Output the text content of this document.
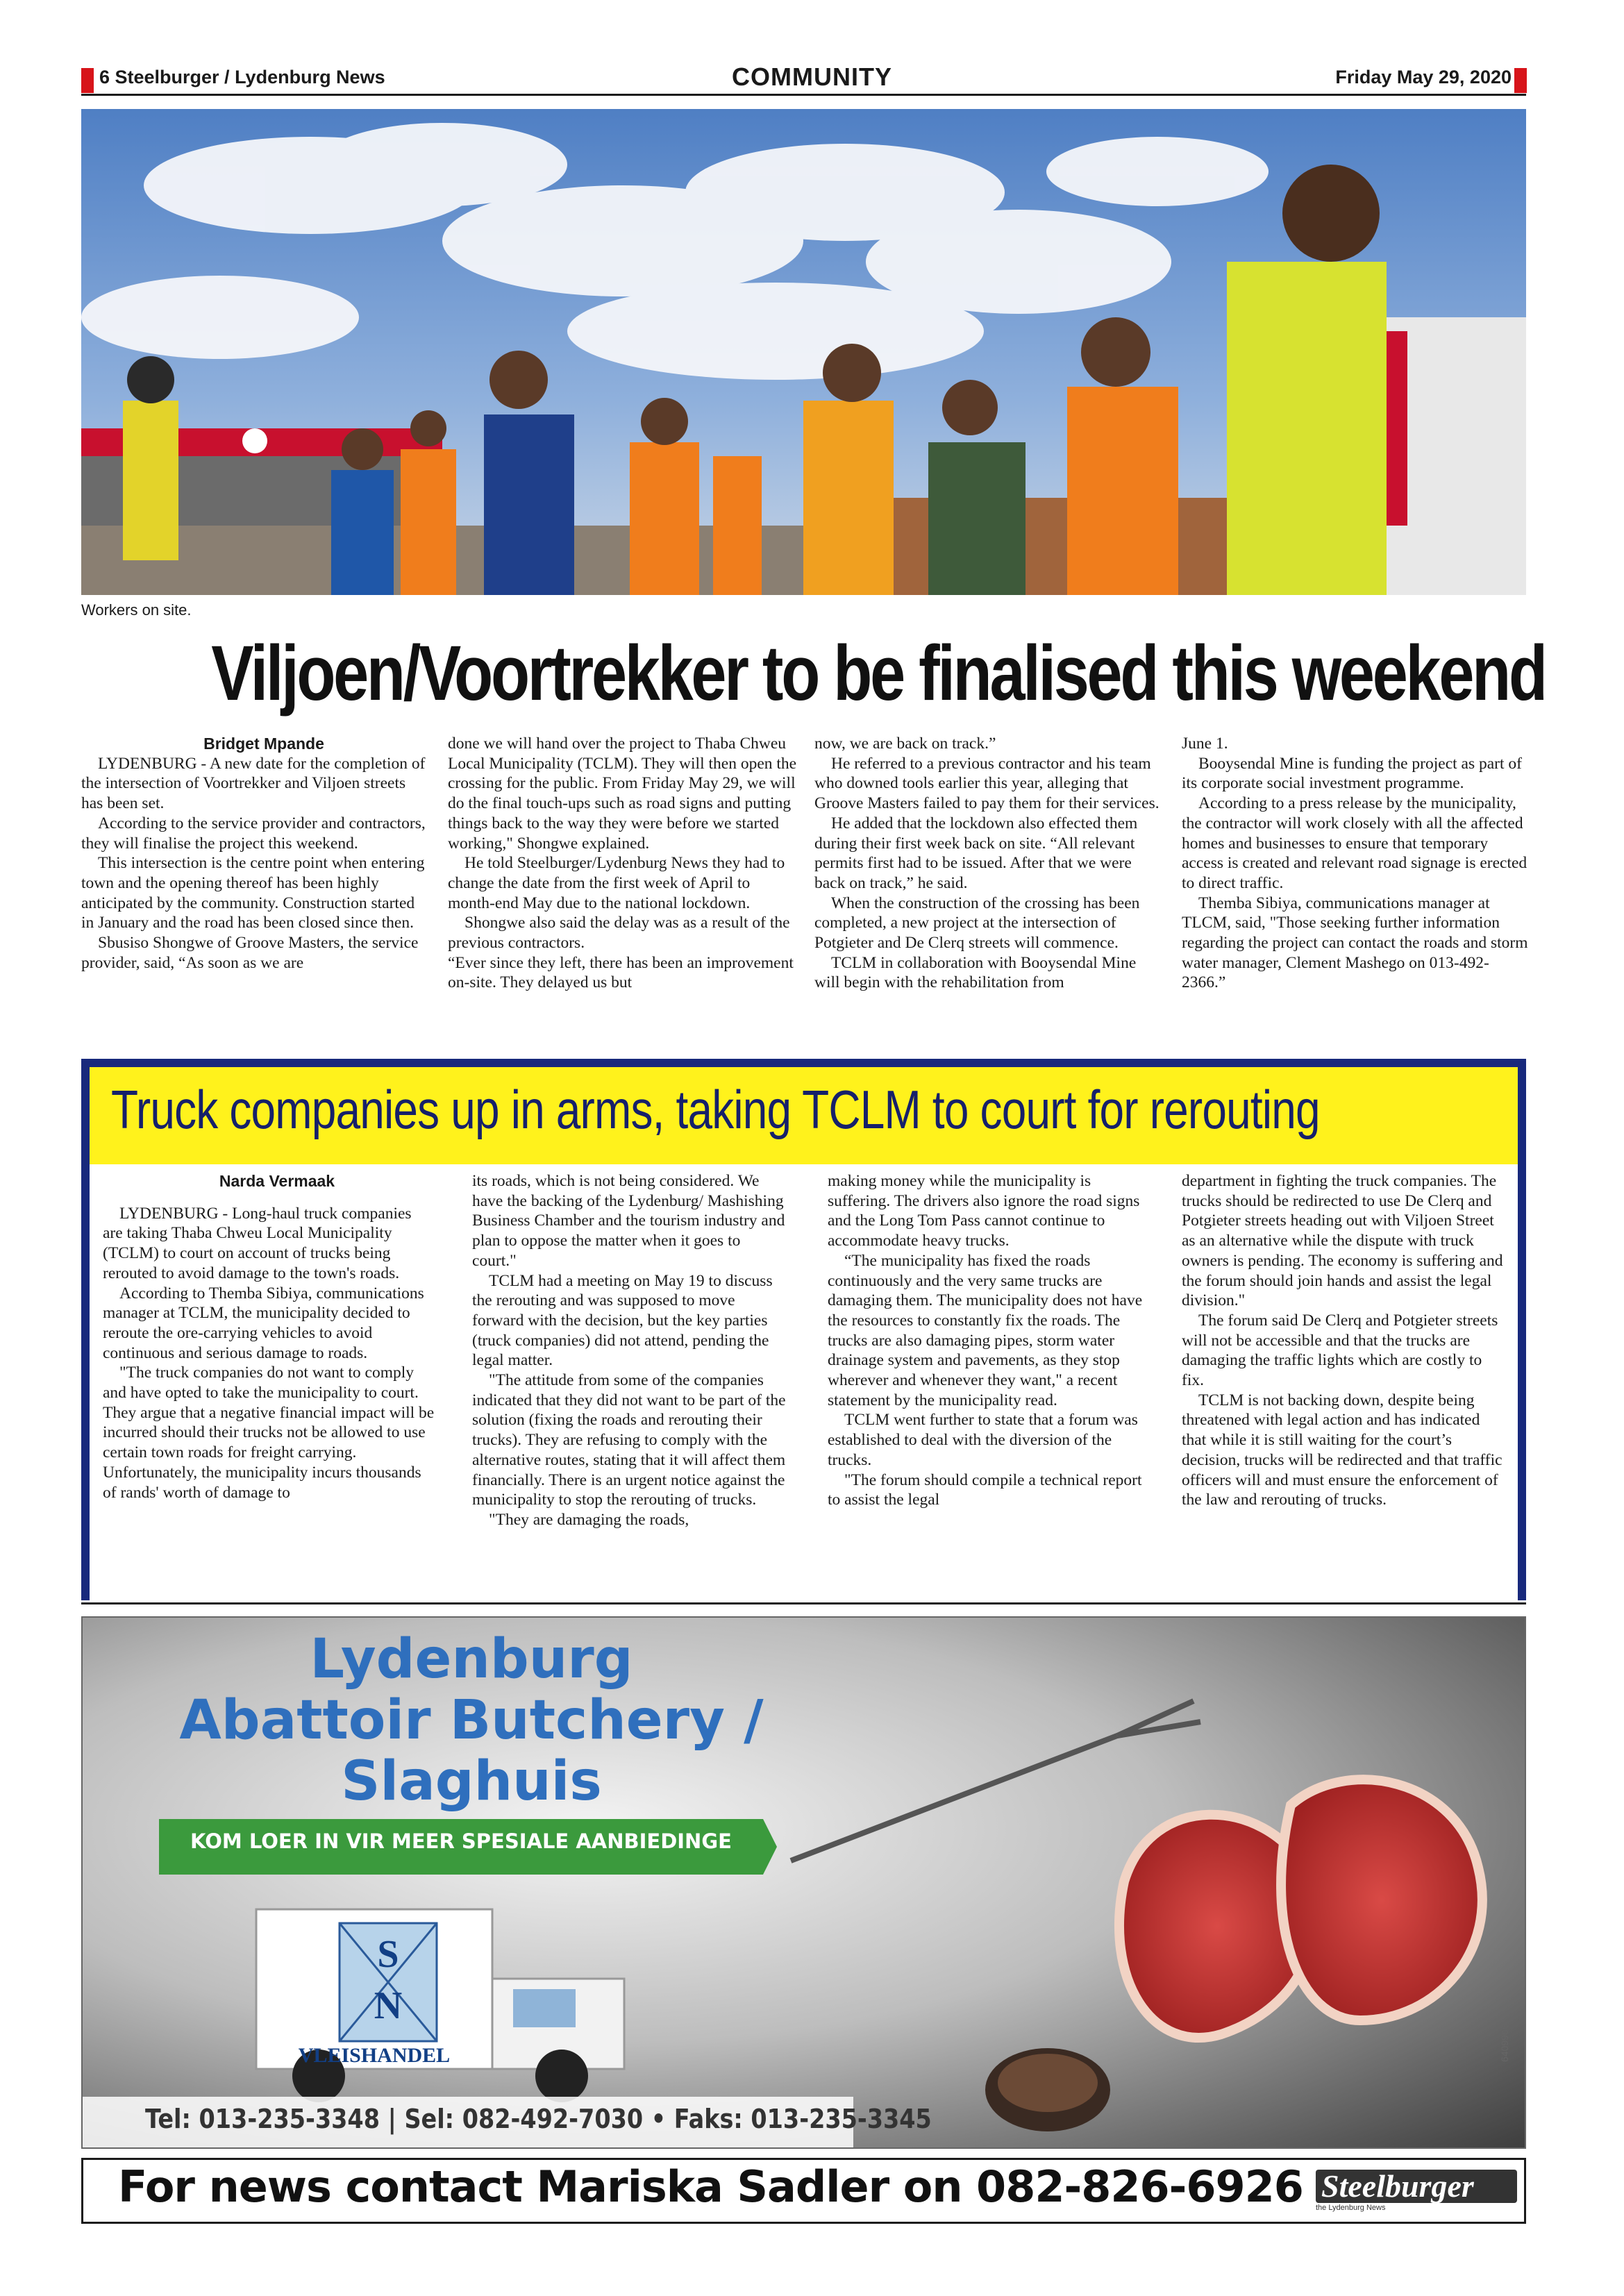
6 Steelburger / Lydenburg News	COMMUNITY	Friday May 29, 2020
Workers on site.
Viljoen/Voortrekker to be finalised this weekend

Bridget Mpande

LYDENBURG - A new date for the completion of the intersection of Voortrekker and Viljoen streets has been set.

According to the service provider and contractors, they will finalise the project this weekend.

This intersection is the centre point when entering town and the opening thereof has been highly anticipated by the community. Construction started in January and the road has been closed since then.

Sbusiso Shongwe of Groove Masters, the service provider, said, “As soon as we are

done we will hand over the project to Thaba Chweu Local Municipality (TCLM). They will then open the crossing for the public. From Friday May 29, we will do the final touch-ups such as road signs and putting things back to the way they were before we started working," Shongwe explained.

He told Steelburger/Lydenburg News they had to change the date from the first week of April to month-end May due to the national lockdown.

Shongwe also said the delay was as a result of the previous contractors.

“Ever since they left, there has been an improvement on-site. They delayed us but

now, we are back on track.”

He referred to a previous contractor and his team who downed tools earlier this year, alleging that Groove Masters failed to pay them for their services.

He added that the lockdown also effected them during their first week back on site. “All relevant permits first had to be issued. After that we were back on track,” he said.

When the construction of the crossing has been completed, a new project at the intersection of Potgieter and De Clerq streets will commence.

TCLM in collaboration with Booysendal Mine will begin with the rehabilitation from

June 1.

Booysendal Mine is funding the project as part of its corporate social investment programme.

According to a press release by the municipality, the contractor will work closely with all the affected homes and businesses to ensure that temporary access is created and relevant road signage is erected to direct traffic.

Themba Sibiya, communications manager at TLCM, said, "Those seeking further information regarding the project can contact the roads and storm water manager, Clement Mashego on 013-492-2366.”

Truck companies up in arms, taking TCLM to court for rerouting

Narda Vermaak

LYDENBURG - Long-haul truck companies are taking Thaba Chweu Local Municipality (TCLM) to court on account of trucks being rerouted to avoid damage to the town's roads.

According to Themba Sibiya, communications manager at TCLM, the municipality decided to reroute the ore-carrying vehicles to avoid continuous and serious damage to roads.

"The truck companies do not want to comply and have opted to take the municipality to court. They argue that a negative financial impact will be incurred should their trucks not be allowed to use certain town roads for freight carrying. Unfortunately, the municipality incurs thousands of rands' worth of damage to

its roads, which is not being considered. We have the backing of the Lydenburg/ Mashishing Business Chamber and the tourism industry and plan to oppose the matter when it goes to court."

TCLM had a meeting on May 19 to discuss the rerouting and was supposed to move forward with the decision, but the key parties (truck companies) did not attend, pending the legal matter.

"The attitude from some of the companies indicated that they did not want to be part of the solution (fixing the roads and rerouting their trucks). They are refusing to comply with the alternative routes, stating that it will affect them financially. There is an urgent notice against the municipality to stop the rerouting of trucks.

"They are damaging the roads,

making money while the municipality is suffering. The drivers also ignore the road signs and the Long Tom Pass cannot continue to accommodate heavy trucks.

“The municipality has fixed the roads continuously and the very same trucks are damaging them. The municipality does not have the resources to constantly fix the roads. The trucks are also damaging pipes, storm water drainage system and pavements, as they stop wherever and whenever they want," a recent statement by the municipality read.

TCLM went further to state that a forum was established to deal with the diversion of the trucks.

"The forum should compile a technical report to assist the legal

department in fighting the truck companies. The trucks should be redirected to use De Clerq and Potgieter streets heading out with Viljoen Street as an alternative while the dispute with truck owners is pending. The economy is suffering and the forum should join hands and assist the legal division."

The forum said De Clerq and Potgieter streets will not be accessible and that the trucks are damaging the traffic lights which are costly to fix.

TCLM is not backing down, despite being threatened with legal action and has indicated that while it is still waiting for the court’s decision, trucks will be redirected and that traffic officers will and must ensure the enforcement of the law and rerouting of trucks.

Lydenburg
Abattoir Butchery /
Slaghuis
KOM LOER IN VIR MEER SPESIALE AANBIEDINGE
S
N
VLEISHANDEL
Tel: 013-235-3348 | Sel: 082-492-7030 • Faks: 013-235-3345
6409906
For news contact Mariska Sadler on 082-826-6926 Steelburger
the Lydenburg News
